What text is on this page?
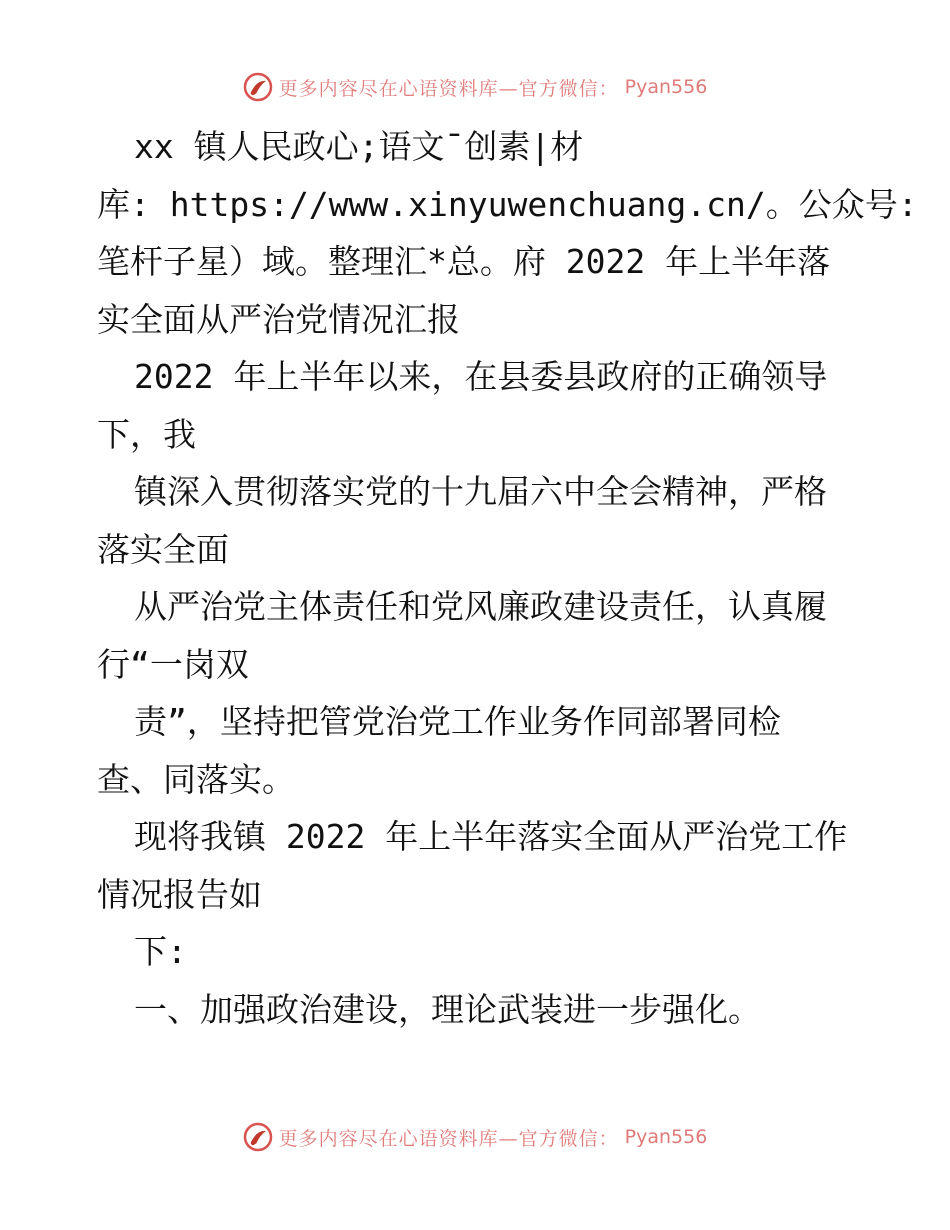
更多内容尽在心语资料库—官方微信： Pyan556
xx 镇人民政心;语文¯创素|材
库: https://www.xinyuwenchuang.cn/。公众号:
笔杆子星）域。整理汇*总。府 2022 年上半年落
实全面从严治党情况汇报
2022 年上半年以来，在县委县政府的正确领导
下，我
镇深入贯彻落实党的十九届六中全会精神，严格
落实全面
从严治党主体责任和党风廉政建设责任，认真履
行“一岗双
责”，坚持把管党治党工作业务作同部署同检
查、同落实。
现将我镇 2022 年上半年落实全面从严治党工作
情况报告如
下:
一、加强政治建设，理论武装进一步强化。
更多内容尽在心语资料库—官方微信： Pyan556
